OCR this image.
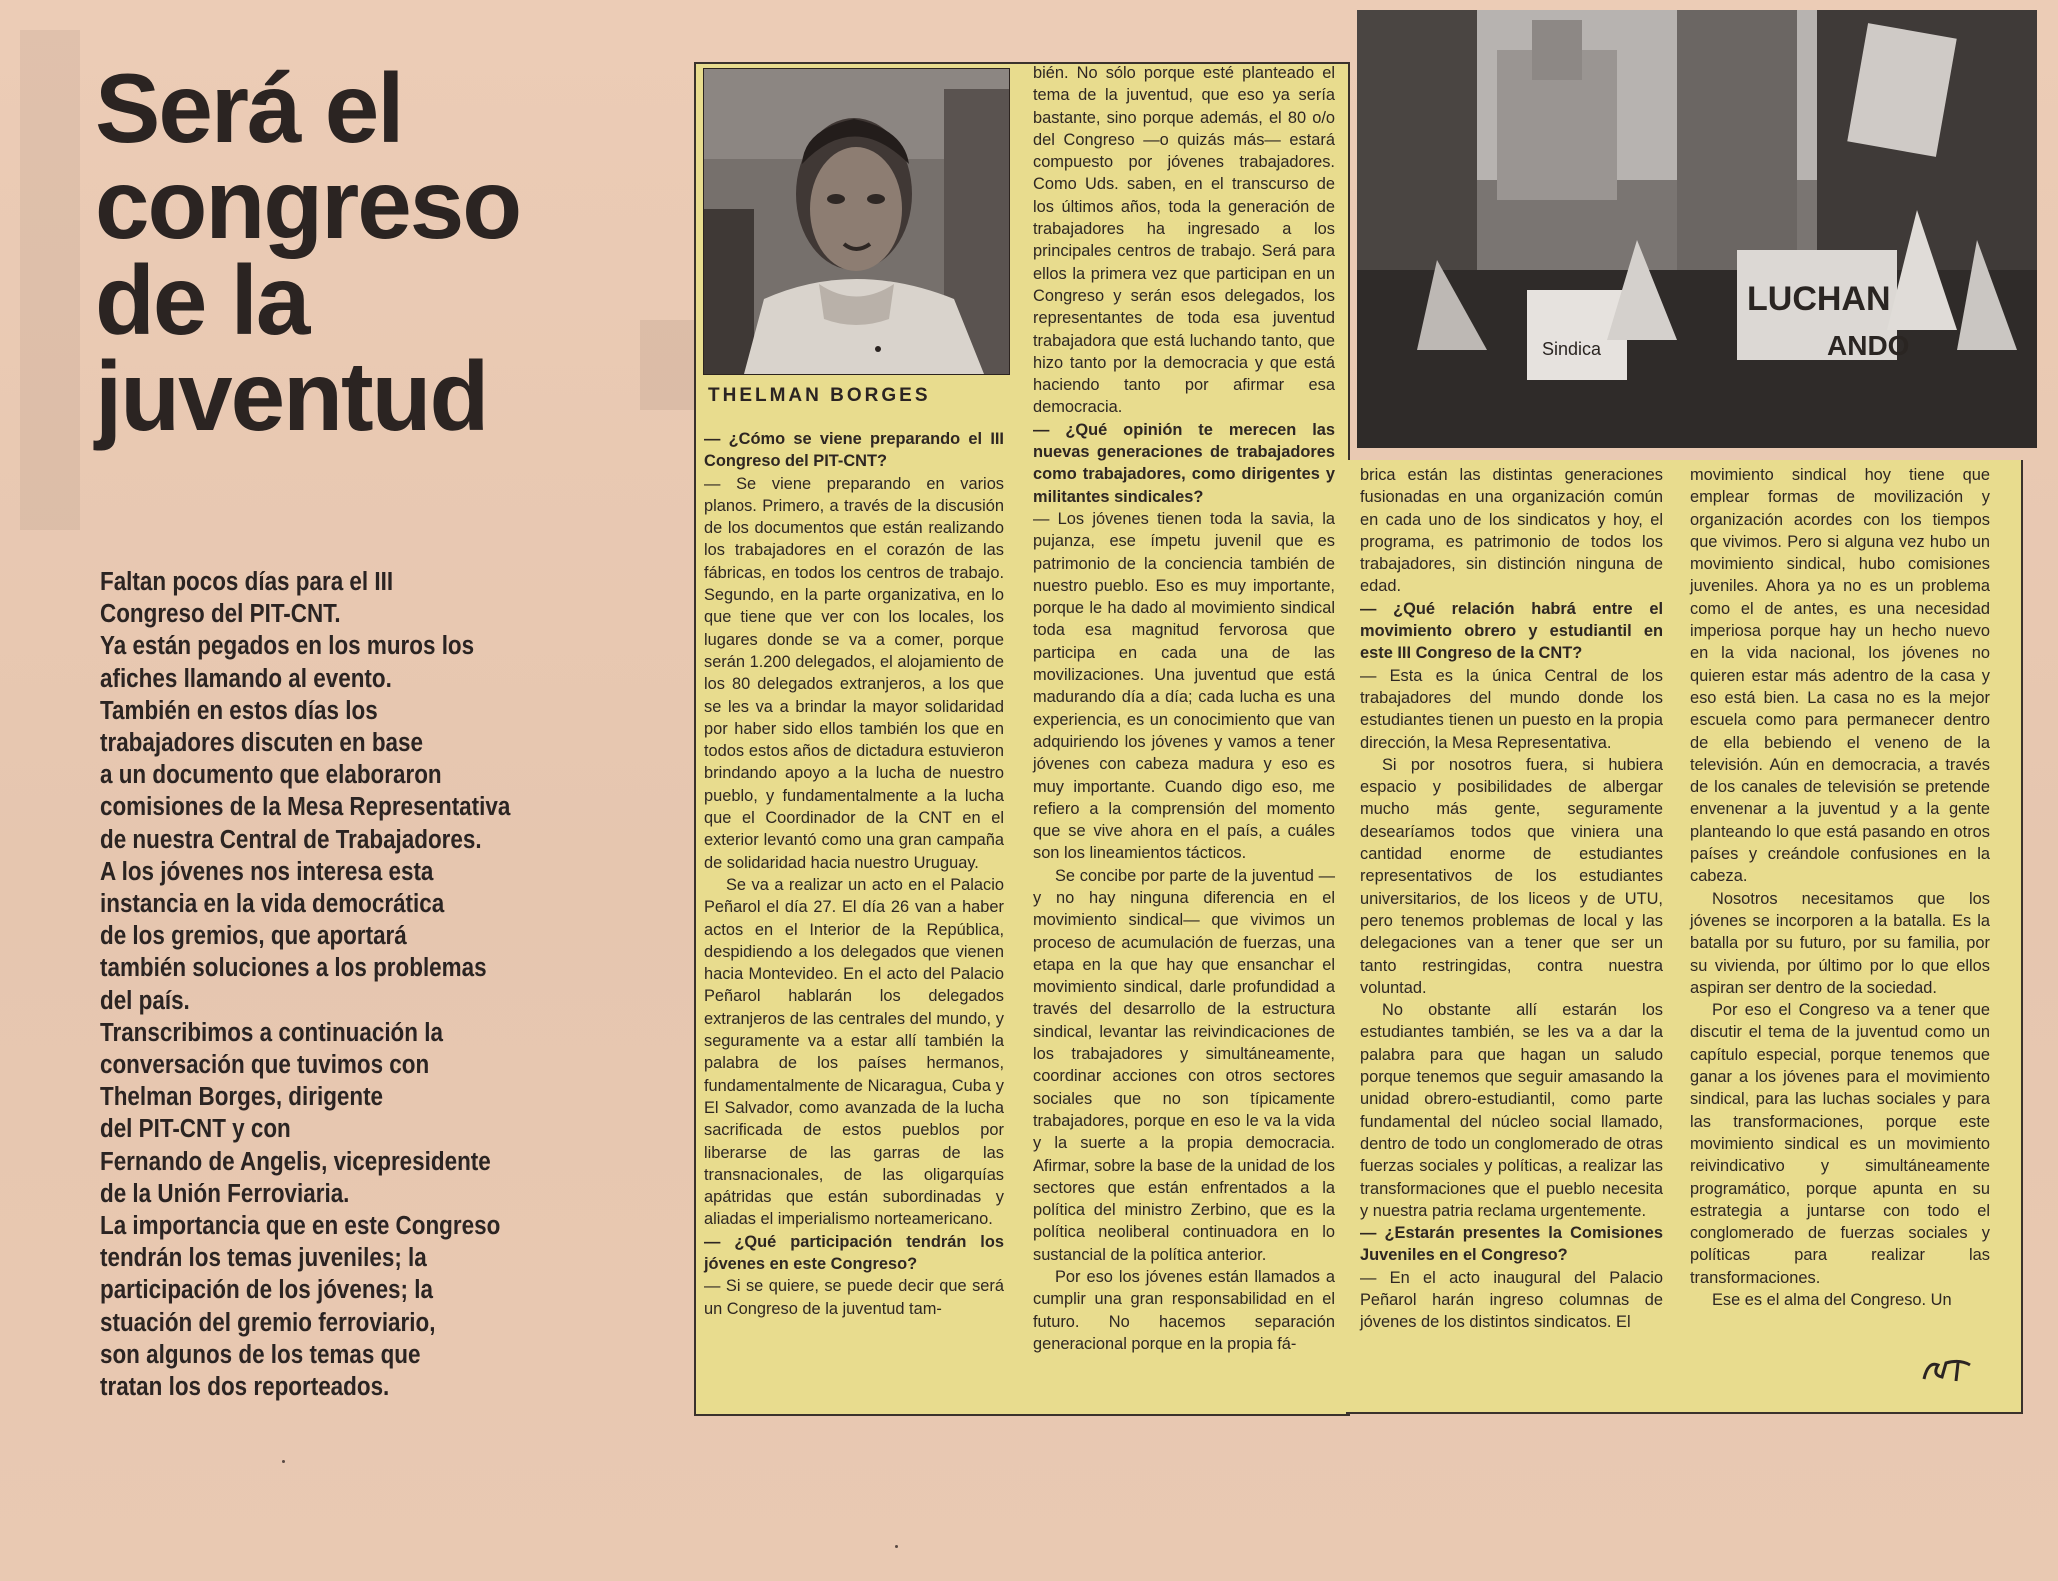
Será el
congreso
de la
juventud
Faltan pocos días para el III
Congreso del PIT-CNT.
Ya están pegados en los muros los
afiches llamando al evento.
También en estos días los
trabajadores discuten en base
a un documento que elaboraron
comisiones de la Mesa Representativa
de nuestra Central de Trabajadores.
A los jóvenes nos interesa esta
instancia en la vida democrática
de los gremios, que aportará
también soluciones a los problemas
del país.
Transcribimos a continuación la
conversación que tuvimos con
Thelman Borges, dirigente
del PIT-CNT y con
Fernando de Angelis, vicepresidente
de la Unión Ferroviaria.
La importancia que en este Congreso
tendrán los temas juveniles; la
participación de los jóvenes; la
stuación del gremio ferroviario,
son algunos de los temas que
tratan los dos reporteados.
THELMAN BORGES
Sindica
LUCHAN
ANDO

— ¿Cómo se viene preparando el III Congreso del PIT-CNT?

— Se viene preparando en varios planos. Primero, a través de la discusión de los documentos que están realizando los trabajadores en el corazón de las fábricas, en todos los centros de trabajo. Segundo, en la parte organizativa, en lo que tiene que ver con los locales, los lugares donde se va a comer, porque serán 1.200 delegados, el alojamiento de los 80 delegados extranjeros, a los que se les va a brindar la mayor solidaridad por haber sido ellos también los que en todos estos años de dictadura estuvieron brindando apoyo a la lucha de nuestro pueblo, y fundamentalmente a la lucha que el Coordinador de la CNT en el exterior levantó como una gran campaña de solidaridad hacia nuestro Uruguay.

Se va a realizar un acto en el Palacio Peñarol el día 27. El día 26 van a haber actos en el Interior de la República, despidiendo a los delegados que vienen hacia Montevideo. En el acto del Palacio Peñarol hablarán los delegados extranjeros de las centrales del mundo, y seguramente va a estar allí también la palabra de los países hermanos, fundamentalmente de Nicaragua, Cuba y El Salvador, como avanzada de la lucha sacrificada de estos pueblos por liberarse de las garras de las transnacionales, de las oligarquías apátridas que están subordinadas y aliadas el imperialismo norteamericano.

— ¿Qué participación tendrán los jóvenes en este Congreso?

— Si se quiere, se puede decir que será un Congreso de la juventud tam-

bién. No sólo porque esté planteado el tema de la juventud, que eso ya sería bastante, sino porque además, el 80 o/o del Congreso —o quizás más— estará compuesto por jóvenes trabajadores. Como Uds. saben, en el transcurso de los últimos años, toda la generación de trabajadores ha ingresado a los principales centros de trabajo. Será para ellos la primera vez que participan en un Congreso y serán esos delegados, los representantes de toda esa juventud trabajadora que está luchando tanto, que hizo tanto por la democracia y que está haciendo tanto por afirmar esa democracia.

— ¿Qué opinión te merecen las nuevas generaciones de trabajadores como trabajadores, como dirigentes y militantes sindicales?

— Los jóvenes tienen toda la savia, la pujanza, ese ímpetu juvenil que es patrimonio de la conciencia también de nuestro pueblo. Eso es muy importante, porque le ha dado al movimiento sindical toda esa magnitud fervorosa que participa en cada una de las movilizaciones. Una juventud que está madurando día a día; cada lucha es una experiencia, es un conocimiento que van adquiriendo los jóvenes y vamos a tener jóvenes con cabeza madura y eso es muy importante. Cuando digo eso, me refiero a la comprensión del momento que se vive ahora en el país, a cuáles son los lineamientos tácticos.

Se concibe por parte de la juventud —y no hay ninguna diferencia en el movimiento sindical— que vivimos un proceso de acumulación de fuerzas, una etapa en la que hay que ensanchar el movimiento sindical, darle profundidad a través del desarrollo de la estructura sindical, levantar las reivindicaciones de los trabajadores y simultáneamente, coordinar acciones con otros sectores sociales que no son típicamente trabajadores, porque en eso le va la vida y la suerte a la propia democracia. Afirmar, sobre la base de la unidad de los sectores que están enfrentados a la política del ministro Zerbino, que es la política neoliberal continuadora en lo sustancial de la política anterior.

Por eso los jóvenes están llamados a cumplir una gran responsabilidad en el futuro. No hacemos separación generacional porque en la propia fá-

brica están las distintas generaciones fusionadas en una organización común en cada uno de los sindicatos y hoy, el programa, es patrimonio de todos los trabajadores, sin distinción ninguna de edad.

— ¿Qué relación habrá entre el movimiento obrero y estudiantil en este III Congreso de la CNT?

— Esta es la única Central de los trabajadores del mundo donde los estudiantes tienen un puesto en la propia dirección, la Mesa Representativa.

Si por nosotros fuera, si hubiera espacio y posibilidades de albergar mucho más gente, seguramente desearíamos todos que viniera una cantidad enorme de estudiantes representativos de los estudiantes universitarios, de los liceos y de UTU, pero tenemos problemas de local y las delegaciones van a tener que ser un tanto restringidas, contra nuestra voluntad.

No obstante allí estarán los estudiantes también, se les va a dar la palabra para que hagan un saludo porque tenemos que seguir amasando la unidad obrero-estudiantil, como parte fundamental del núcleo social llamado, dentro de todo un conglomerado de otras fuerzas sociales y políticas, a realizar las transformaciones que el pueblo necesita y nuestra patria reclama urgentemente.

— ¿Estarán presentes la Comisiones Juveniles en el Congreso?

— En el acto inaugural del Palacio Peñarol harán ingreso columnas de jóvenes de los distintos sindicatos. El

movimiento sindical hoy tiene que emplear formas de movilización y organización acordes con los tiempos que vivimos. Pero si alguna vez hubo un movimiento sindical, hubo comisiones juveniles. Ahora ya no es un problema como el de antes, es una necesidad imperiosa porque hay un hecho nuevo en la vida nacional, los jóvenes no quieren estar más adentro de la casa y eso está bien. La casa no es la mejor escuela como para permanecer dentro de ella bebiendo el veneno de la televisión. Aún en democracia, a través de los canales de televisión se pretende envenenar a la juventud y a la gente planteando lo que está pasando en otros países y creándole confusiones en la cabeza.

Nosotros necesitamos que los jóvenes se incorporen a la batalla. Es la batalla por su futuro, por su familia, por su vivienda, por último por lo que ellos aspiran ser dentro de la sociedad.

Por eso el Congreso va a tener que discutir el tema de la juventud como un capítulo especial, porque tenemos que ganar a los jóvenes para el movimiento sindical, para las luchas sociales y para las transformaciones, porque este movimiento sindical es un movimiento reivindicativo y simultáneamente programático, porque apunta en su estrategia a juntarse con todo el conglomerado de fuerzas sociales y políticas para realizar las transformaciones.

Ese es el alma del Congreso. Un
